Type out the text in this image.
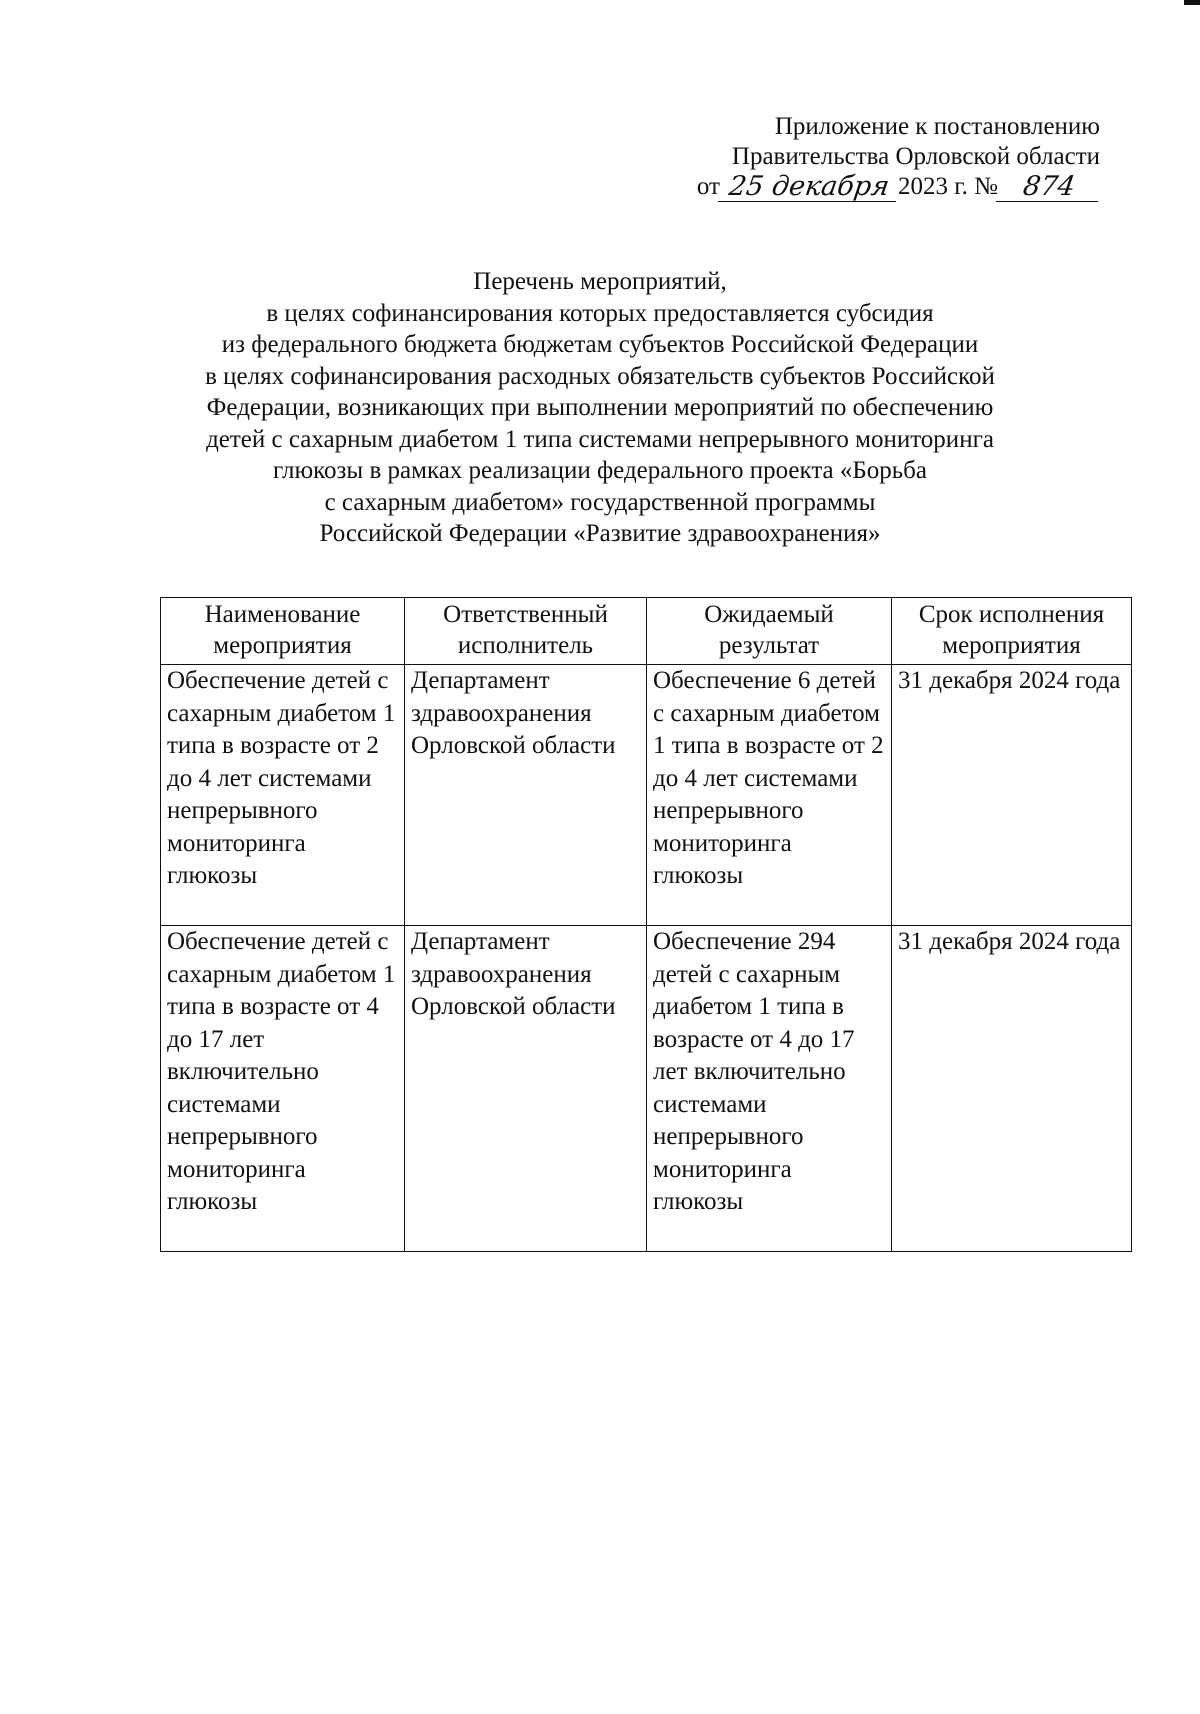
Приложение к постановлению
Правительства Орловской области
от 25 декабря 2023 г. № 874
Перечень мероприятий,
в целях софинансирования которых предоставляется субсидия
из федерального бюджета бюджетам субъектов Российской Федерации
в целях софинансирования расходных обязательств субъектов Российской
Федерации, возникающих при выполнении мероприятий по обеспечению
детей с сахарным диабетом 1 типа системами непрерывного мониторинга
глюкозы в рамках реализации федерального проекта «Борьба
с сахарным диабетом» государственной программы
Российской Федерации «Развитие здравоохранения»
Наименование мероприятия	Ответственный исполнитель	Ожидаемый результат	Срок исполнения мероприятия
Обеспечение детей с сахарным диабетом 1 типа в возрасте от 2 до 4 лет системами непрерывного мониторинга глюкозы	Департамент здравоохранения Орловской области	Обеспечение 6 детей с сахарным диабетом 1 типа в возрасте от 2 до 4 лет системами непрерывного мониторинга глюкозы	31 декабря 2024 года
Обеспечение детей с сахарным диабетом 1 типа в возрасте от 4 до 17 лет включительно системами непрерывного мониторинга глюкозы	Департамент здравоохранения Орловской области	Обеспечение 294 детей с сахарным диабетом 1 типа в возрасте от 4 до 17 лет включительно системами непрерывного мониторинга глюкозы	31 декабря 2024 года
